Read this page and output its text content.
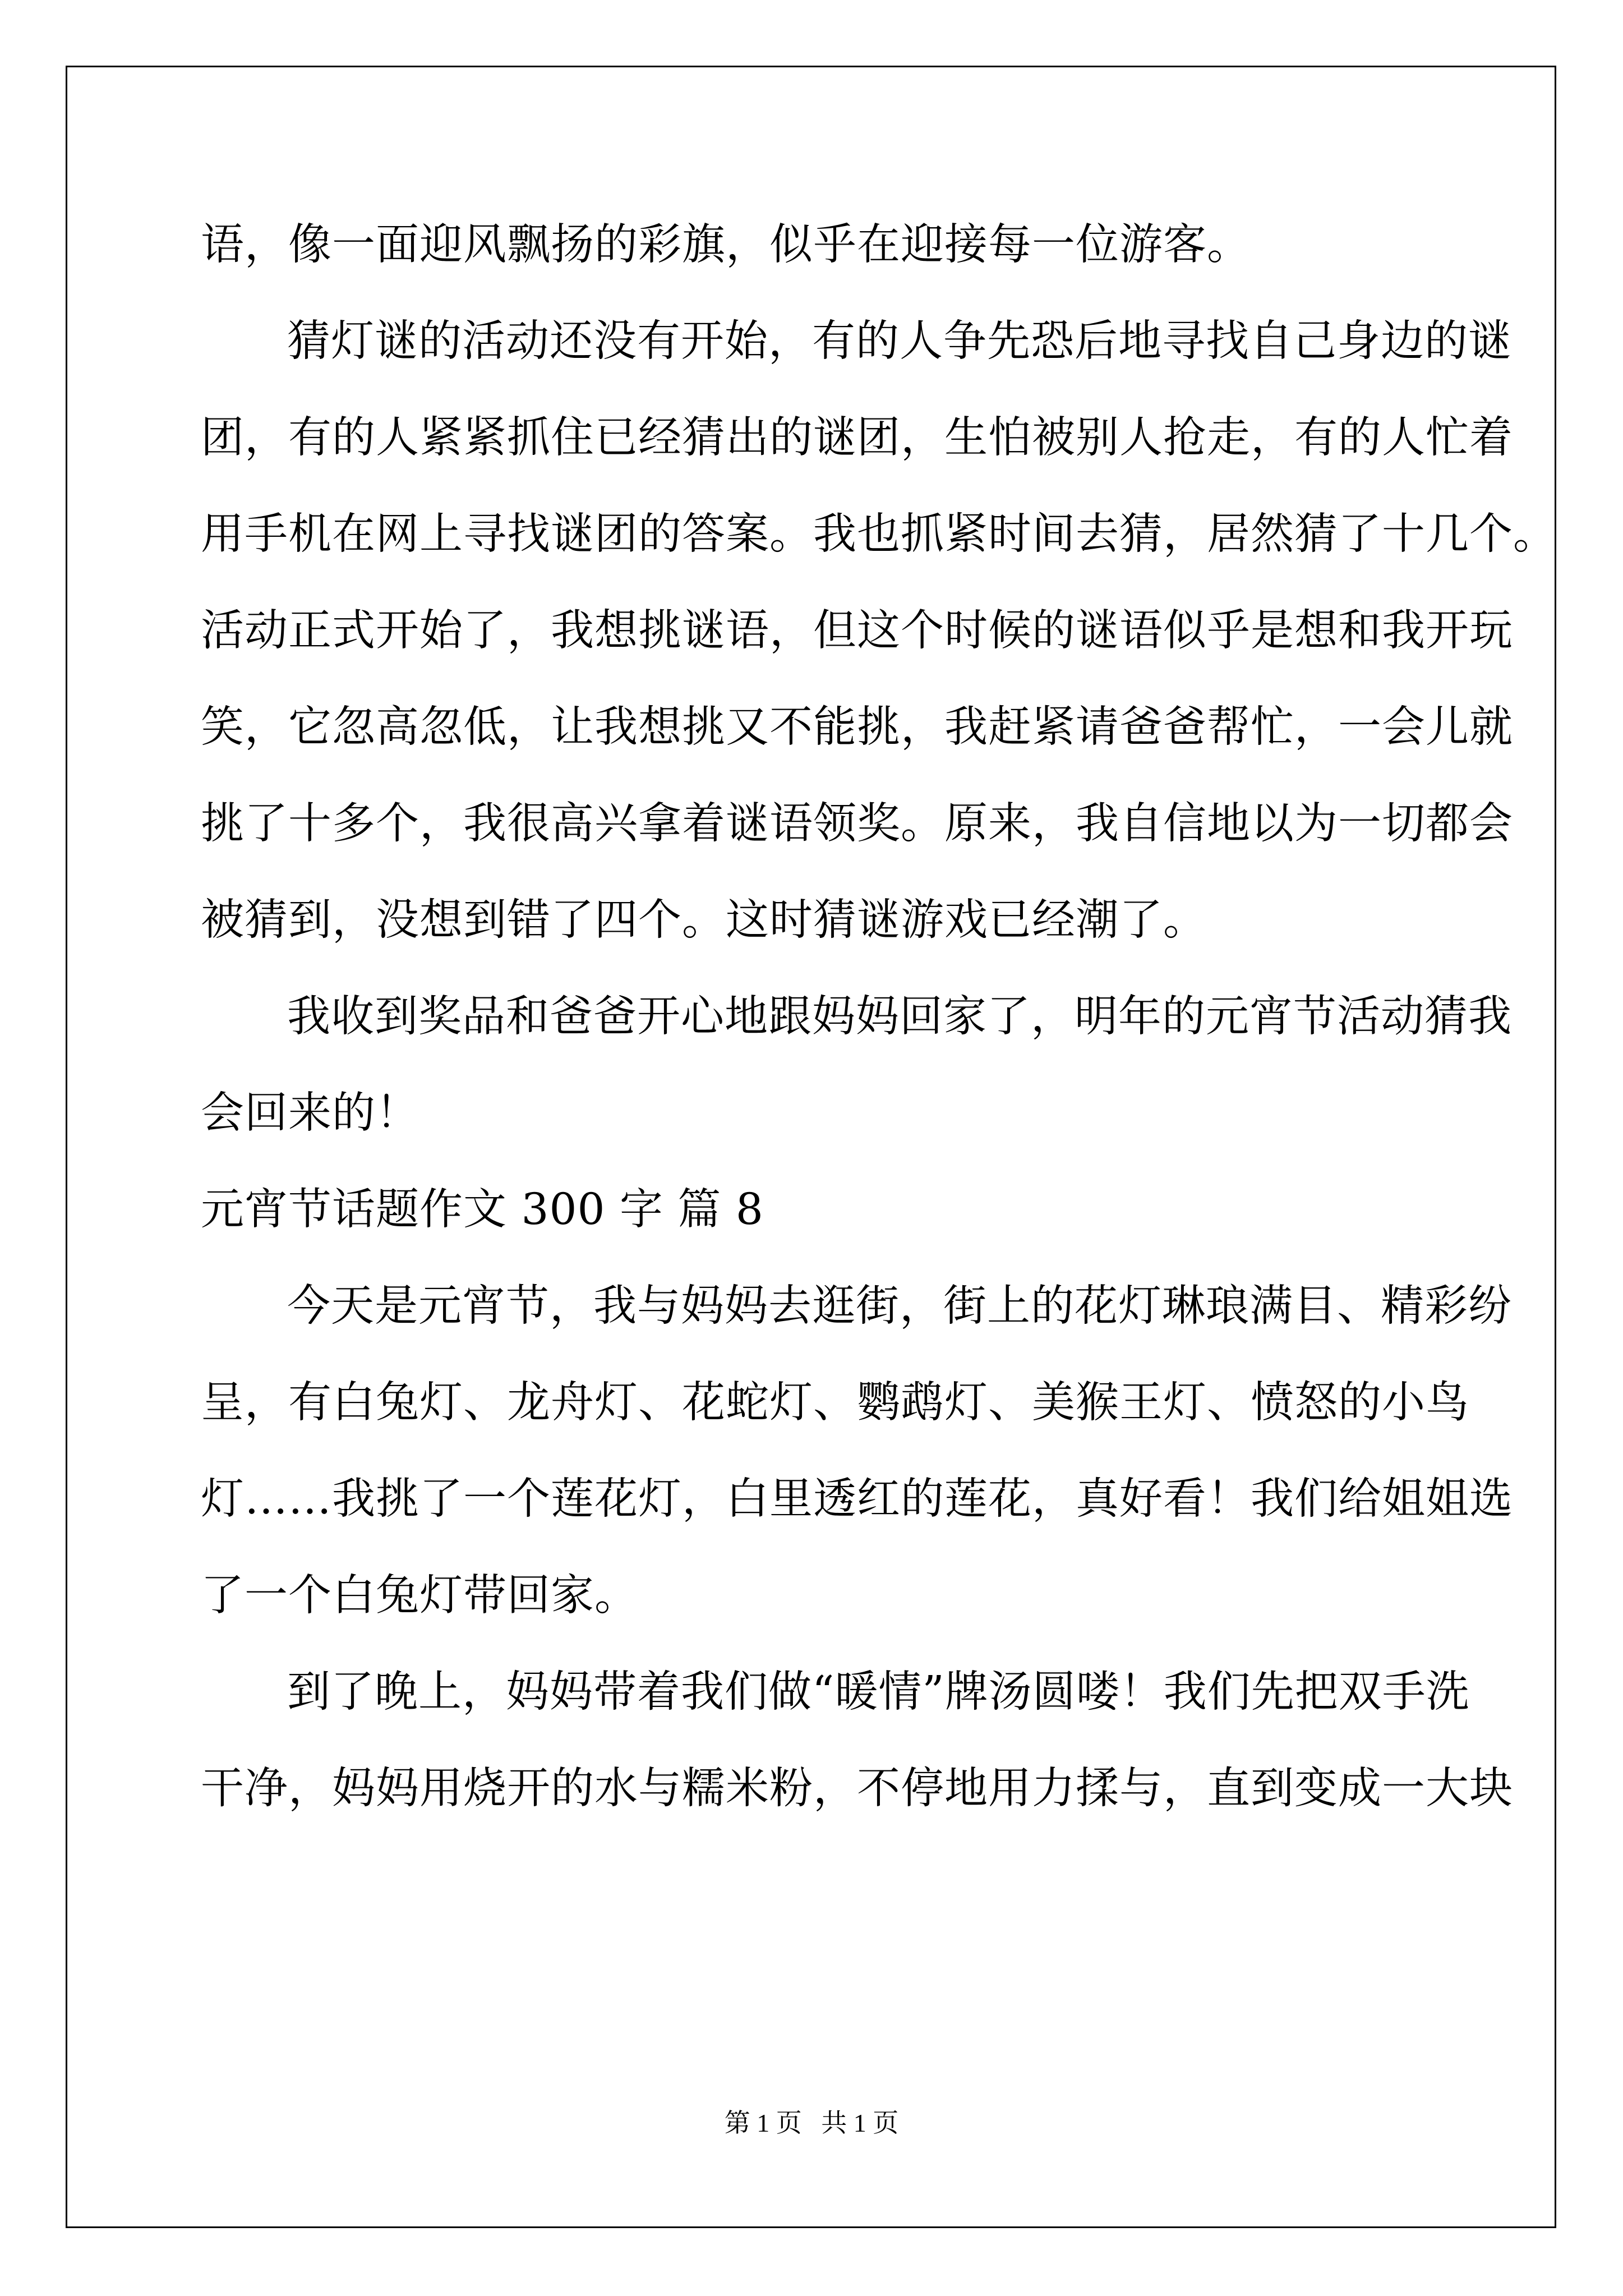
语，像一面迎风飘扬的彩旗，似乎在迎接每一位游客。
猜灯谜的活动还没有开始，有的人争先恐后地寻找自己身边的谜
团，有的人紧紧抓住已经猜出的谜团，生怕被别人抢走，有的人忙着
用手机在网上寻找谜团的答案。我也抓紧时间去猜，居然猜了十几个。
活动正式开始了，我想挑谜语，但这个时候的谜语似乎是想和我开玩
笑，它忽高忽低，让我想挑又不能挑，我赶紧请爸爸帮忙，一会儿就
挑了十多个，我很高兴拿着谜语领奖。原来，我自信地以为一切都会
被猜到，没想到错了四个。这时猜谜游戏已经潮了。
我收到奖品和爸爸开心地跟妈妈回家了，明年的元宵节活动猜我
会回来的！
元宵节话题作文 300 字 篇 8
今天是元宵节，我与妈妈去逛街，街上的花灯琳琅满目、精彩纷
呈，有白兔灯、龙舟灯、花蛇灯、鹦鹉灯、美猴王灯、愤怒的小鸟
灯……我挑了一个莲花灯，白里透红的莲花，真好看！我们给姐姐选
了一个白兔灯带回家。
到了晚上，妈妈带着我们做“暖情”牌汤圆喽！我们先把双手洗
干净，妈妈用烧开的水与糯米粉，不停地用力揉与，直到变成一大块
第 1 页   共 1 页
